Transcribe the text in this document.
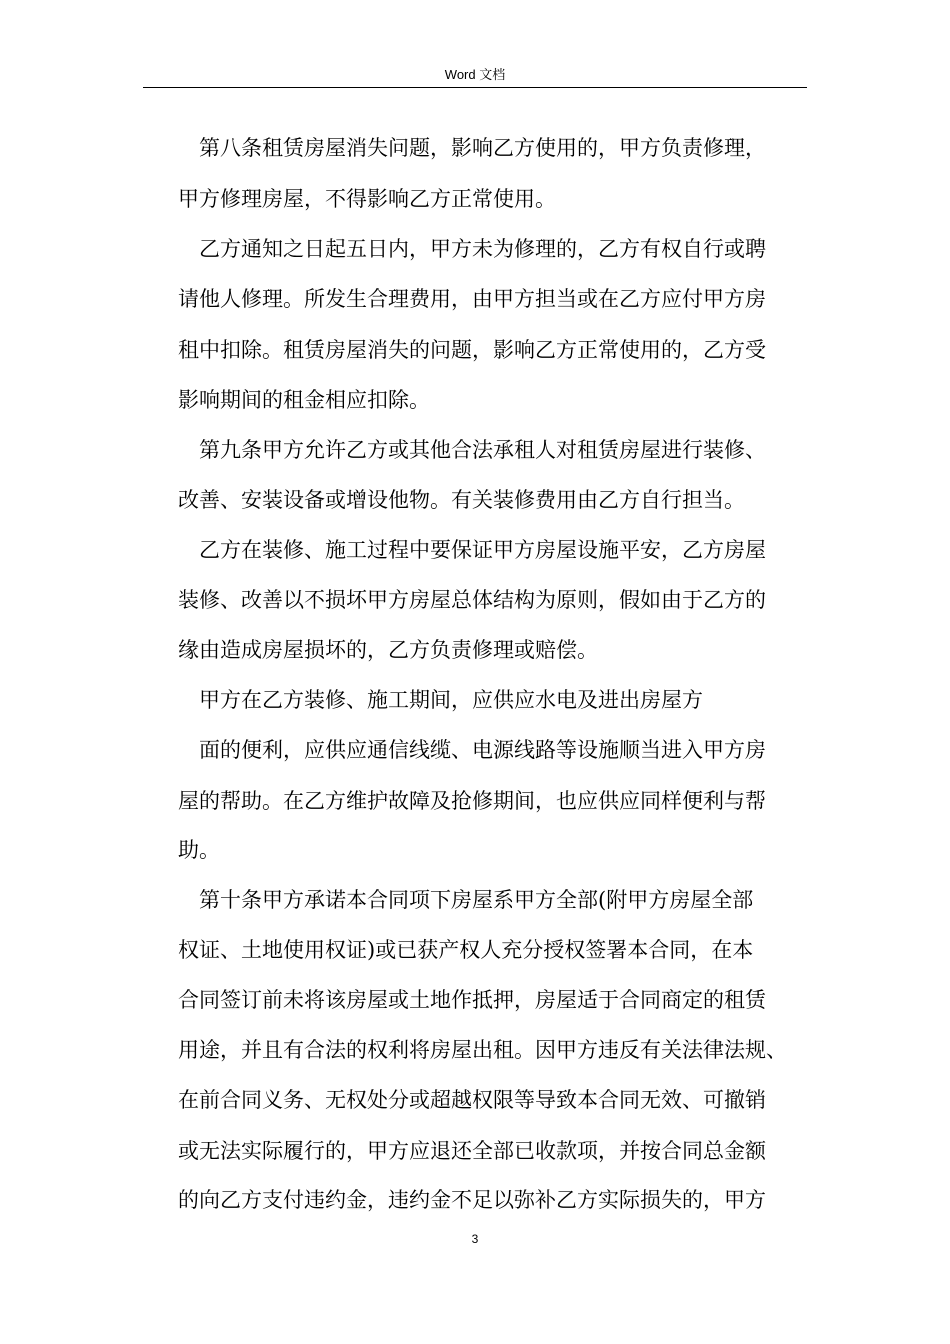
Word 文档
第八条租赁房屋消失问题，影响乙方使用的，甲方负责修理，
甲方修理房屋，不得影响乙方正常使用。
乙方通知之日起五日内，甲方未为修理的，乙方有权自行或聘
请他人修理。所发生合理费用，由甲方担当或在乙方应付甲方房
租中扣除。租赁房屋消失的问题，影响乙方正常使用的，乙方受
影响期间的租金相应扣除。
第九条甲方允许乙方或其他合法承租人对租赁房屋进行装修、
改善、安装设备或增设他物。有关装修费用由乙方自行担当。
乙方在装修、施工过程中要保证甲方房屋设施平安，乙方房屋
装修、改善以不损坏甲方房屋总体结构为原则，假如由于乙方的
缘由造成房屋损坏的，乙方负责修理或赔偿。
甲方在乙方装修、施工期间，应供应水电及进出房屋方
面的便利，应供应通信线缆、电源线路等设施顺当进入甲方房
屋的帮助。在乙方维护故障及抢修期间，也应供应同样便利与帮
助。
第十条甲方承诺本合同项下房屋系甲方全部(附甲方房屋全部
权证、土地使用权证)或已获产权人充分授权签署本合同，在本
合同签订前未将该房屋或土地作抵押，房屋适于合同商定的租赁
用途，并且有合法的权利将房屋出租。因甲方违反有关法律法规、
在前合同义务、无权处分或超越权限等导致本合同无效、可撤销
或无法实际履行的，甲方应退还全部已收款项，并按合同总金额
的向乙方支付违约金，违约金不足以弥补乙方实际损失的，甲方
3
